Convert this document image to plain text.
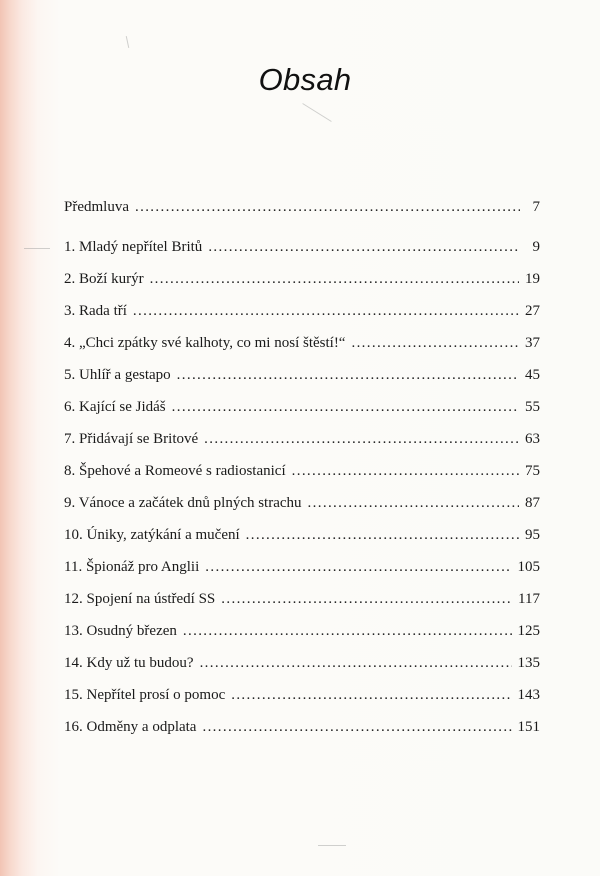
Obsah
Předmluva . . .	7
1. Mladý nepřítel Britů . . .	9
2. Boží kurýr . . .	19
3. Rada tří . . .	27
4. „Chci zpátky své kalhoty, co mi nosí štěstí!“ . . .	37
5. Uhlíř a gestapo . . .	45
6. Kající se Jidáš . . .	55
7. Přidávají se Britové . . .	63
8. Špehové a Romeové s radiostanicí . . .	75
9. Vánoce a začátek dnů plných strachu . . .	87
10. Úniky, zatýkání a mučení . . .	95
11. Špionáž pro Anglii . . .	105
12. Spojení na ústředí SS . . .	117
13. Osudný březen . . .	125
14. Kdy už tu budou? . . .	135
15. Nepřítel prosí o pomoc . . .	143
16. Odměny a odplata . . .	151
